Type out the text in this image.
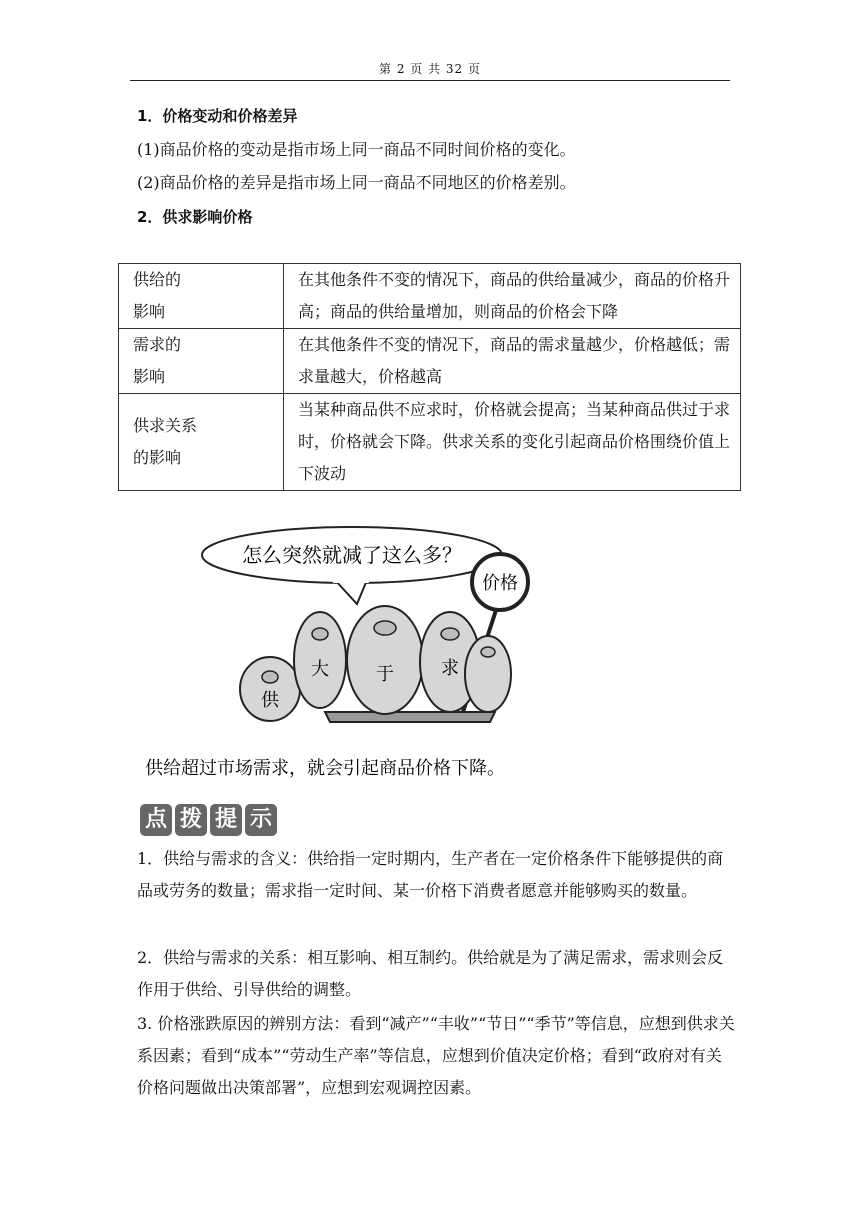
第 2 页 共 32 页
1．价格变动和价格差异
(1)商品价格的变动是指市场上同一商品不同时间价格的变化。
(2)商品价格的差异是指市场上同一商品不同地区的价格差别。
2．供求影响价格
供给的
影响	在其他条件不变的情况下，商品的供给量减少，商品的价格升高；商品的供给量增加，则商品的价格会下降

需求的
影响	在其他条件不变的情况下，商品的需求量越少，价格越低；需求量越大，价格越高

供求关系
的影响	当某种商品供不应求时，价格就会提高；当某种商品供过于求时，价格就会下降。供求关系的变化引起商品价格围绕价值上下波动
怎么突然就减了这么多？
价格
供
大	于	求
供给超过市场需求，就会引起商品价格下降。
点 拨 提 示
1．供给与需求的含义：供给指一定时期内，生产者在一定价格条件下能够提供的商品或劳务的数量；需求指一定时间、某一价格下消费者愿意并能够购买的数量。
2．供给与需求的关系：相互影响、相互制约。供给就是为了满足需求，需求则会反作用于供给、引导供给的调整。
3. 价格涨跌原因的辨别方法：看到“减产”“丰收”“节日”“季节”等信息，应想到供求关系因素；看到“成本”“劳动生产率”等信息，应想到价值决定价格；看到“政府对有关价格问题做出决策部署”，应想到宏观调控因素。
